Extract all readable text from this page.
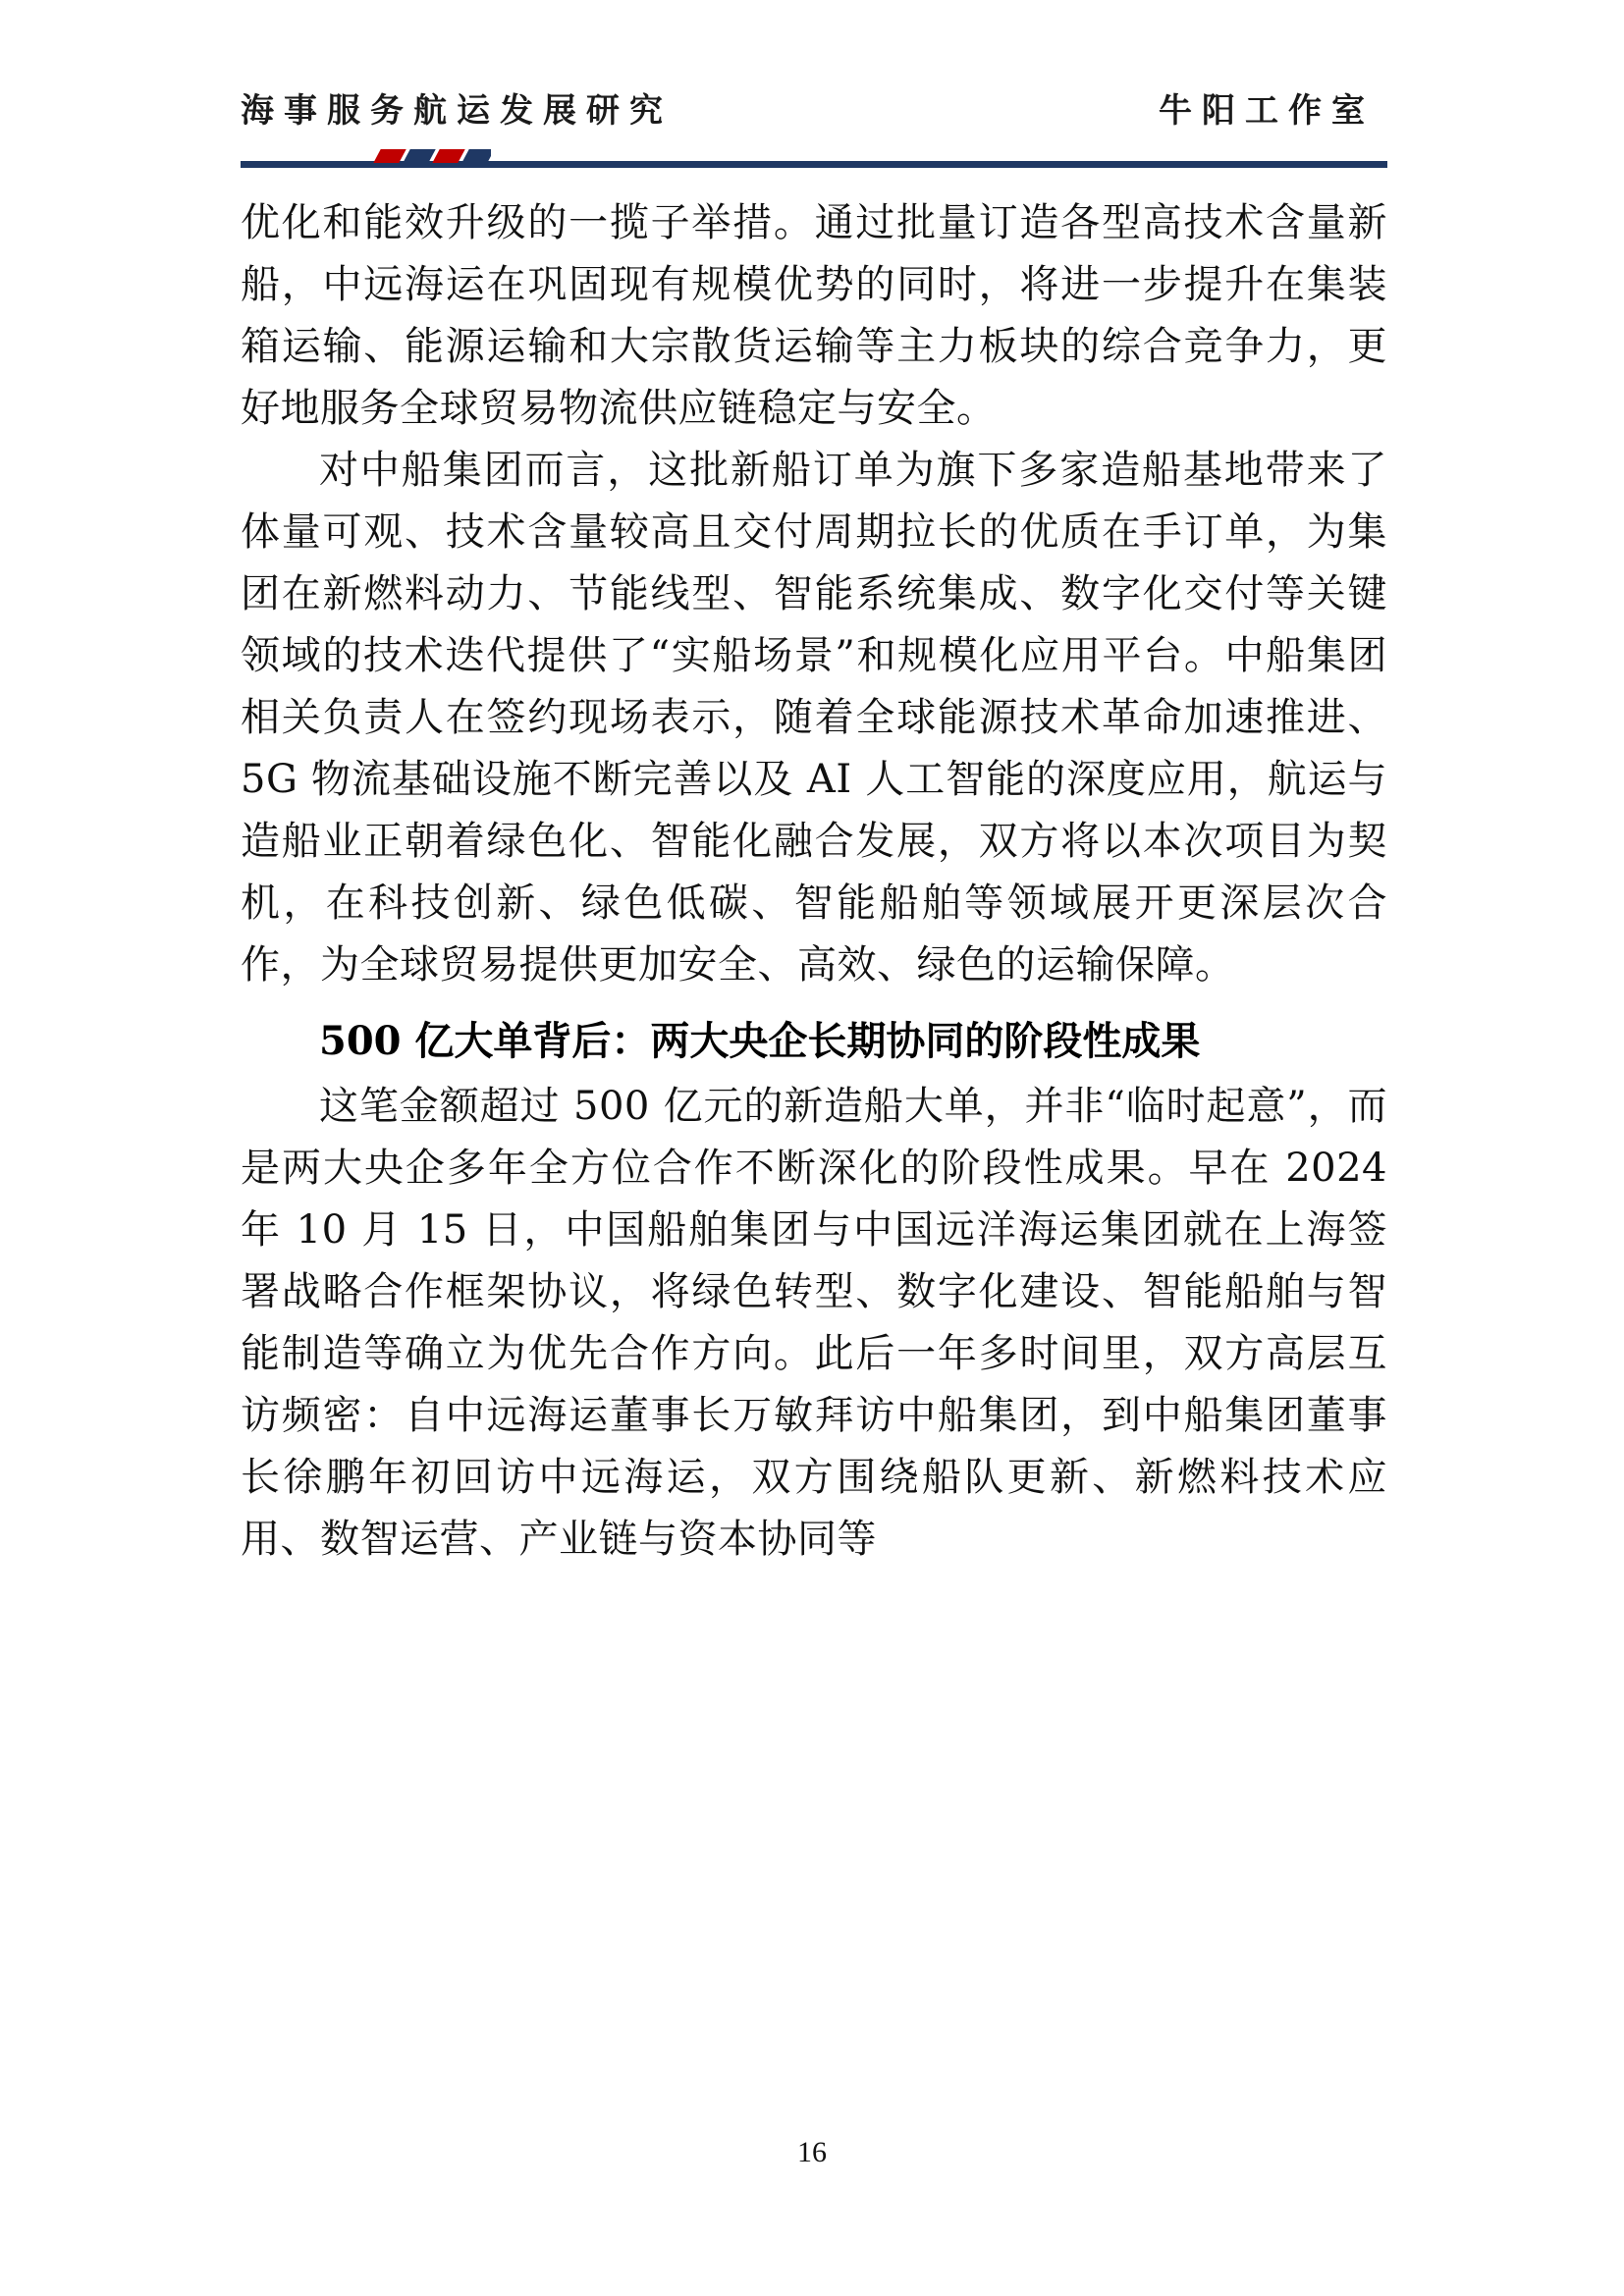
海事服务航运发展研究	牛阳工作室

优化和能效升级的一揽子举措。通过批量订造各型高技术含量新船，中远海运在巩固现有规模优势的同时，将进一步提升在集装箱运输、能源运输和大宗散货运输等主力板块的综合竞争力，更好地服务全球贸易物流供应链稳定与安全。

对中船集团而言，这批新船订单为旗下多家造船基地带来了体量可观、技术含量较高且交付周期拉长的优质在手订单，为集团在新燃料动力、节能线型、智能系统集成、数字化交付等关键领域的技术迭代提供了“实船场景”和规模化应用平台。中船集团相关负责人在签约现场表示，随着全球能源技术革命加速推进、5G 物流基础设施不断完善以及 AI 人工智能的深度应用，航运与造船业正朝着绿色化、智能化融合发展，双方将以本次项目为契机，在科技创新、绿色低碳、智能船舶等领域展开更深层次合作，为全球贸易提供更加安全、高效、绿色的运输保障。

500 亿大单背后：两大央企长期协同的阶段性成果

这笔金额超过 500 亿元的新造船大单，并非“临时起意”，而是两大央企多年全方位合作不断深化的阶段性成果。早在 2024 年 10 月 15 日，中国船舶集团与中国远洋海运集团就在上海签署战略合作框架协议，将绿色转型、数字化建设、智能船舶与智能制造等确立为优先合作方向。此后一年多时间里，双方高层互访频密：自中远海运董事长万敏拜访中船集团，到中船集团董事长徐鹏年初回访中远海运，双方围绕船队更新、新燃料技术应用、数智运营、产业链与资本协同等

16
